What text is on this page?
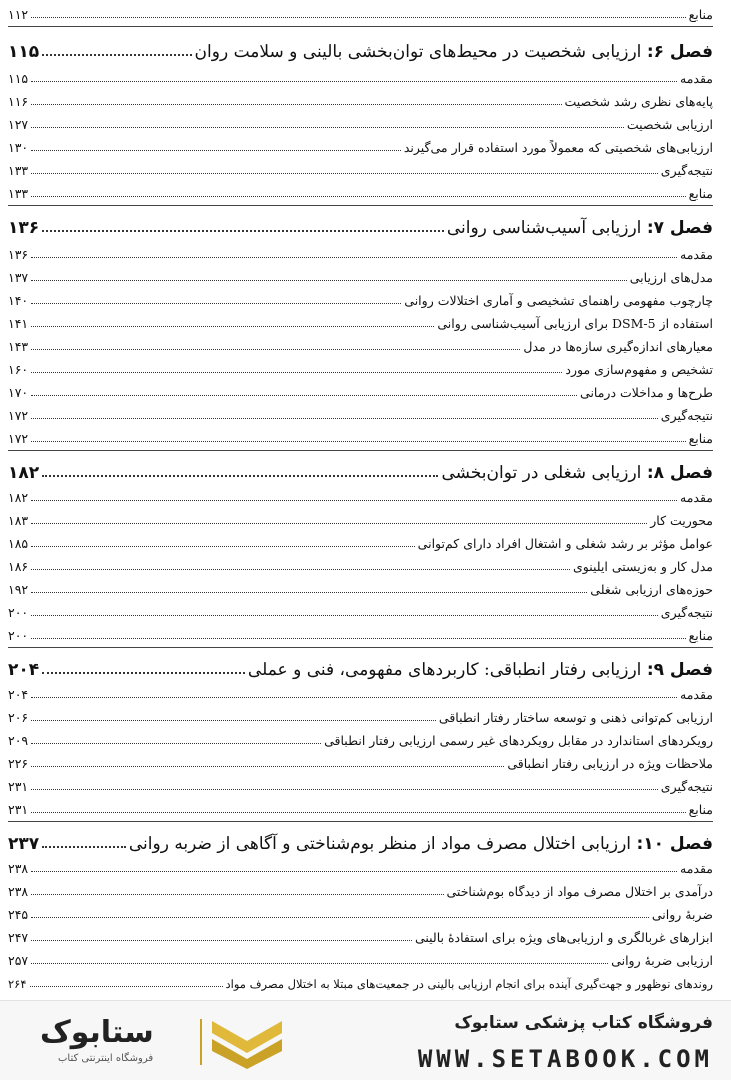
منابع
۱۱۲
فصل ۶: ارزیابی شخصیت در محیط‌های توان‌بخشی بالینی و سلامت روان
۱۱۵
مقدمه
۱۱۵
پایه‌های نظری رشد شخصیت
۱۱۶
ارزیابی شخصیت
۱۲۷
ارزیابی‌های شخصیتی که معمولاً مورد استفاده قرار می‌گیرند
۱۳۰
نتیجه‌گیری
۱۳۳
منابع
۱۳۳
فصل ۷: ارزیابی آسیب‌شناسی روانی
۱۳۶
مقدمه
۱۳۶
مدل‌های ارزیابی
۱۳۷
چارچوب مفهومی راهنمای تشخیصی و آماری اختلالات روانی
۱۴۰
استفاده از DSM-5 برای ارزیابی آسیب‌شناسی روانی
۱۴۱
معیارهای اندازه‌گیری سازه‌ها در مدل
۱۴۳
تشخیص و مفهوم‌سازی مورد
۱۶۰
طرح‌ها و مداخلات درمانی
۱۷۰
نتیجه‌گیری
۱۷۲
منابع
۱۷۲
فصل ۸: ارزیابی شغلی در توان‌بخشی
۱۸۲
مقدمه
۱۸۲
محوریت کار
۱۸۳
عوامل مؤثر بر رشد شغلی و اشتغال افراد دارای کم‌توانی
۱۸۵
مدل کار و به‌زیستی ایلینوی
۱۸۶
حوزه‌های ارزیابی شغلی
۱۹۲
نتیجه‌گیری
۲۰۰
منابع
۲۰۰
فصل ۹: ارزیابی رفتار انطباقی: کاربردهای مفهومی، فنی و عملی
۲۰۴
مقدمه
۲۰۴
ارزیابی کم‌توانی ذهنی و توسعه ساختار رفتار انطباقی
۲۰۶
رویکردهای استاندارد در مقابل رویکردهای غیر رسمی ارزیابی رفتار انطباقی
۲۰۹
ملاحظات ویژه در ارزیابی رفتار انطباقی
۲۲۶
نتیجه‌گیری
۲۳۱
منابع
۲۳۱
فصل ۱۰: ارزیابی اختلال مصرف مواد از منظر بوم‌شناختی و آگاهی از ضربه روانی
۲۳۷
مقدمه
۲۳۸
درآمدی بر اختلال مصرف مواد از دیدگاه بوم‌شناختی
۲۳۸
ضربهٔ روانی
۲۴۵
ابزارهای غربالگری و ارزیابی‌های ویژه برای استفادهٔ بالینی
۲۴۷
ارزیابی ضربهٔ روانی
۲۵۷
روندهای نوظهور و جهت‌گیری آینده برای انجام ارزیابی بالینی در جمعیت‌های مبتلا به اختلال مصرف مواد
۲۶۴
فروشگاه کتاب پزشکی ستابوک
WWW.SETABOOK.COM
ستابوک
فروشگاه اینترنتی کتاب
